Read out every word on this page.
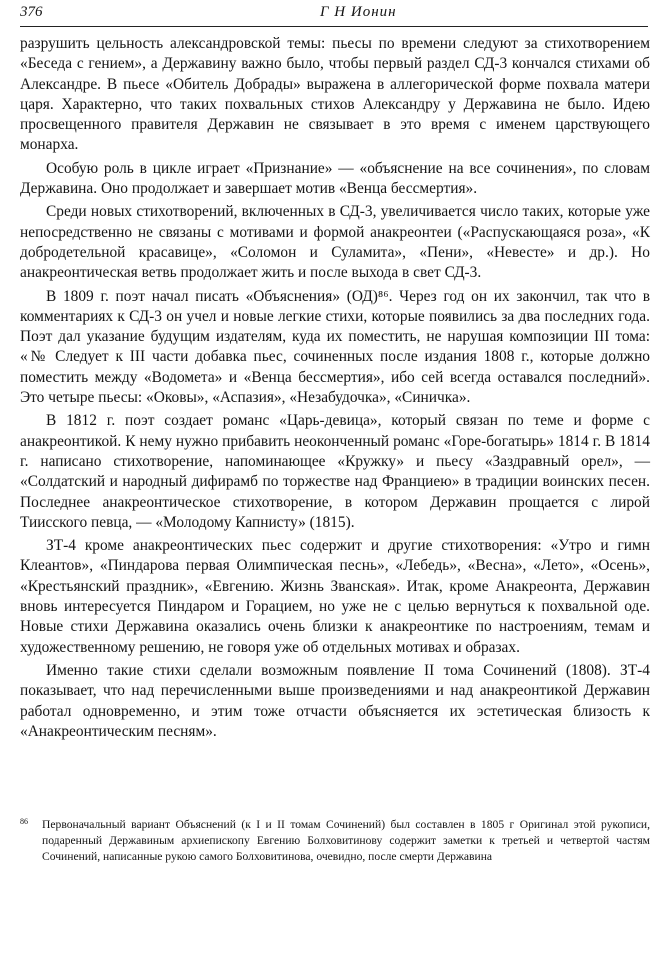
376	Г Н Ионин

разрушить цельность александровской темы: пьесы по времени следуют за стихотворением «Беседа с гением», а Державину важно было, чтобы первый раздел СД-3 кончался стихами об Александре. В пьесе «Обитель Добрады» выражена в аллегорической форме похвала матери царя. Характерно, что таких похвальных стихов Александру у Державина не было. Идею просвещенного правителя Державин не связывает в это время с именем царствующего монарха.

Особую роль в цикле играет «Признание» — «объяснение на все сочинения», по словам Державина. Оно продолжает и завершает мотив «Венца бессмертия».

Среди новых стихотворений, включенных в СД-3, увеличивается число таких, которые уже непосредственно не связаны с мотивами и формой анакреонтеи («Распускающаяся роза», «К добродетельной красавице», «Соломон и Суламита», «Пени», «Невесте» и др.). Но анакреонтическая ветвь продолжает жить и после выхода в свет СД-3.

В 1809 г. поэт начал писать «Объяснения» (ОД)⁸⁶. Через год он их закончил, так что в комментариях к СД-3 он учел и новые легкие стихи, которые появились за два последних года. Поэт дал указание будущим издателям, куда их поместить, не нарушая композиции III тома: «№ Следует к III части добавка пьес, сочиненных после издания 1808 г., которые должно поместить между «Водомета» и «Венца бессмертия», ибо сей всегда оставался последний». Это четыре пьесы: «Оковы», «Аспазия», «Незабудочка», «Синичка».

В 1812 г. поэт создает романс «Царь-девица», который связан по теме и форме с анакреонтикой. К нему нужно прибавить неоконченный романс «Горе-богатырь» 1814 г. В 1814 г. написано стихотворение, напоминающее «Кружку» и пьесу «Заздравный орел», — «Солдатский и народный дифирамб по торжестве над Франциею» в традиции воинских песен. Последнее анакреонтическое стихотворение, в котором Державин прощается с лирой Тиисского певца, — «Молодому Капнисту» (1815).

ЗТ-4 кроме анакреонтических пьес содержит и другие стихотворения: «Утро и гимн Клеантов», «Пиндарова первая Олимпическая песнь», «Лебедь», «Весна», «Лето», «Осень», «Крестьянский праздник», «Евгению. Жизнь Званская». Итак, кроме Анакреонта, Державин вновь интересуется Пиндаром и Горацием, но уже не с целью вернуться к похвальной оде. Новые стихи Державина оказались очень близки к анакреонтике по настроениям, темам и художественному решению, не говоря уже об отдельных мотивах и образах.

Именно такие стихи сделали возможным появление II тома Сочинений (1808). ЗТ-4 показывает, что над перечисленными выше произведениями и над анакреонтикой Державин работал одновременно, и этим тоже отчасти объясняется их эстетическая близость к «Анакреонтическим песням».

86 Первоначальный вариант Объяснений (к I и II томам Сочинений) был составлен в 1805 г Оригинал этой рукописи, подаренный Державиным архиепископу Евгению Болховитинову содержит заметки к третьей и четвертой частям Сочинений, написанные рукою самого Болховитинова, очевидно, после смерти Державина
